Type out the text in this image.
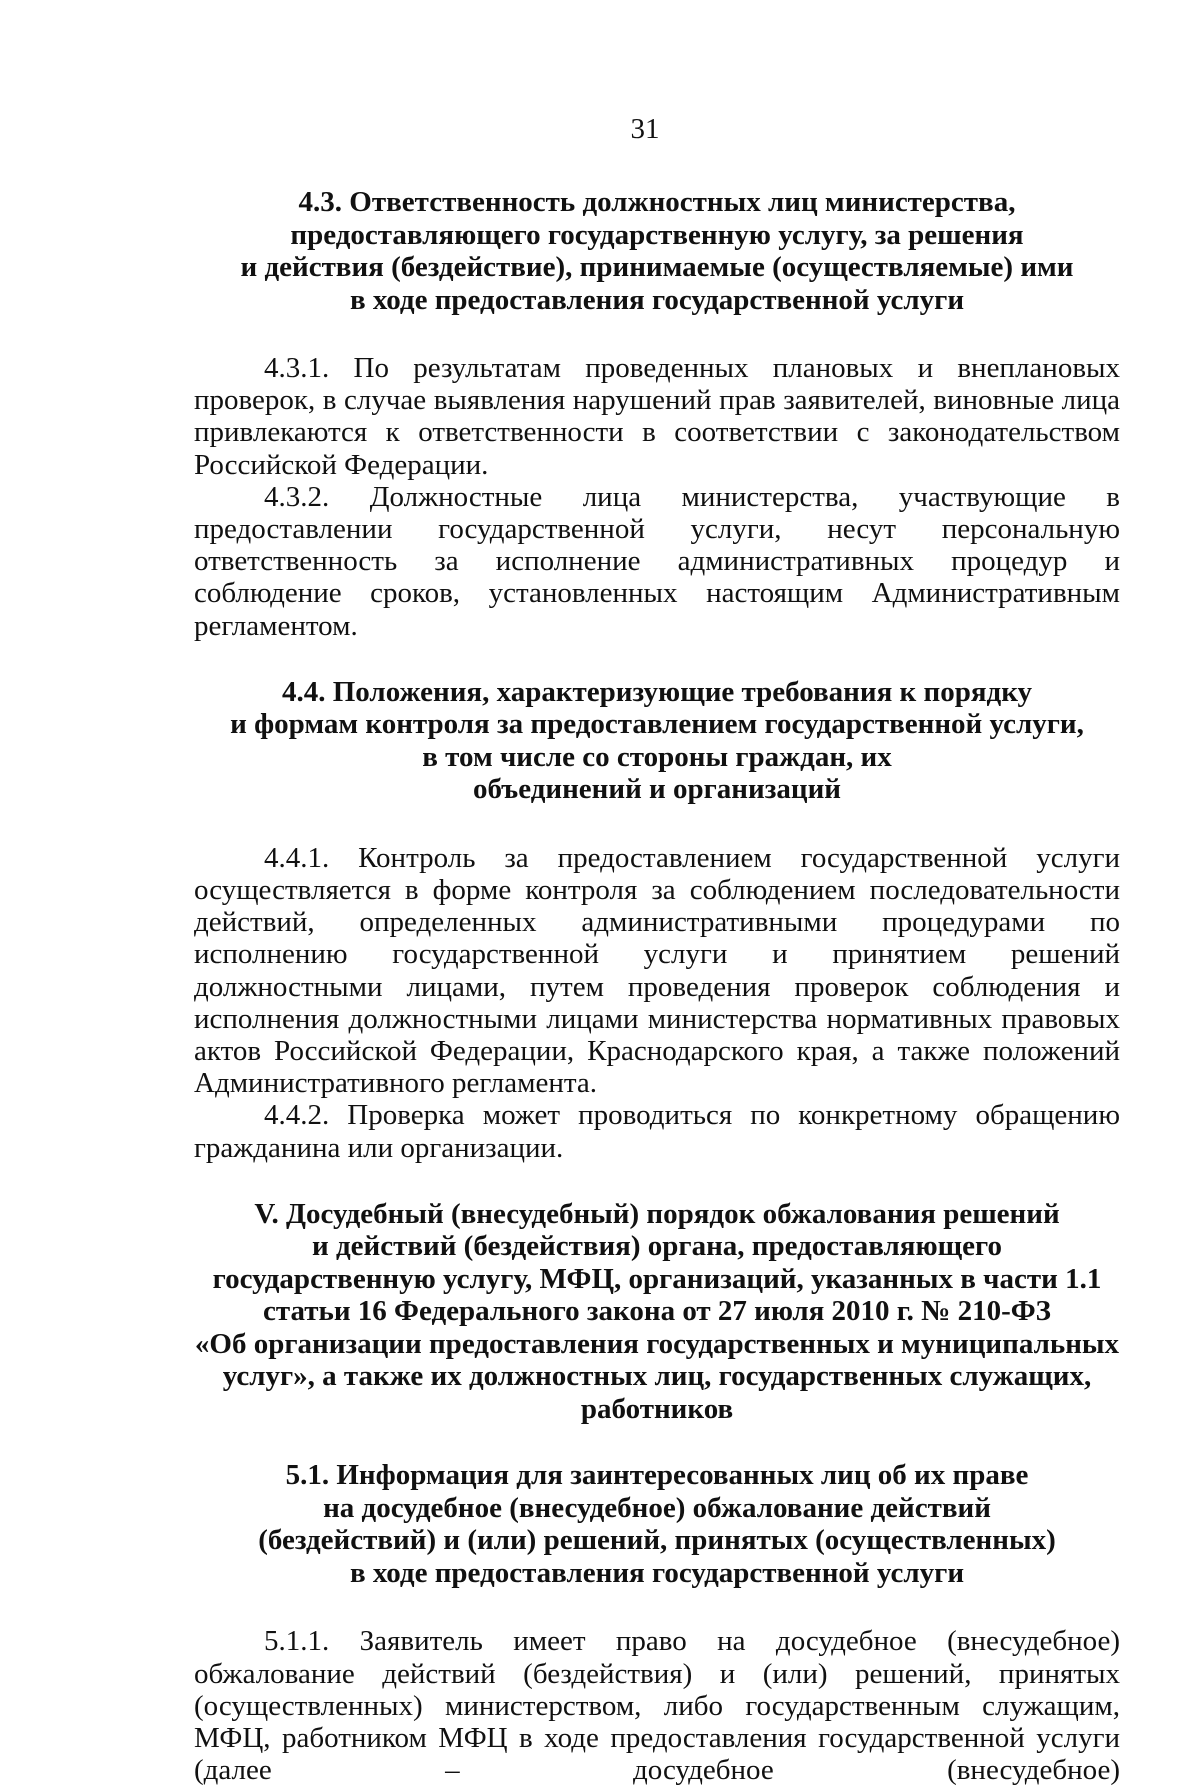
31
4.3. Ответственность должностных лиц министерства,
предоставляющего государственную услугу, за решения
и действия (бездействие), принимаемые (осуществляемые) ими
в ходе предоставления государственной услуги

4.3.1. По результатам проведенных плановых и внеплановых проверок, в случае выявления нарушений прав заявителей, виновные лица привлекаются к ответственности в соответствии с законодательством Российской Федерации.

4.3.2. Должностные лица министерства, участвующие в предоставлении государственной услуги, несут персональную ответственность за исполнение административных процедур и соблюдение сроков, установленных настоящим Административным регламентом.

4.4. Положения, характеризующие требования к порядку
и формам контроля за предоставлением государственной услуги,
в том числе со стороны граждан, их
объединений и организаций

4.4.1. Контроль за предоставлением государственной услуги осуществляется в форме контроля за соблюдением последовательности действий, определенных административными процедурами по исполнению государственной услуги и принятием решений должностными лицами, путем проведения проверок соблюдения и исполнения должностными лицами министерства нормативных правовых актов Российской Федерации, Краснодарского края, а также положений Административного регламента.

4.4.2. Проверка может проводиться по конкретному обращению гражданина или организации.

V. Досудебный (внесудебный) порядок обжалования решений
и действий (бездействия) органа, предоставляющего
государственную услугу, МФЦ, организаций, указанных в части 1.1
статьи 16 Федерального закона от 27 июля 2010 г. № 210-ФЗ
«Об организации предоставления государственных и муниципальных
услуг», а также их должностных лиц, государственных служащих,
работников
5.1. Информация для заинтересованных лиц об их праве
на досудебное (внесудебное) обжалование действий
(бездействий) и (или) решений, принятых (осуществленных)
в ходе предоставления государственной услуги

5.1.1. Заявитель имеет право на досудебное (внесудебное) обжалование действий (бездействия) и (или) решений, принятых (осуществленных) министерством, либо государственным служащим, МФЦ, работником МФЦ в ходе предоставления государственной услуги (далее – досудебное (внесудебное)
